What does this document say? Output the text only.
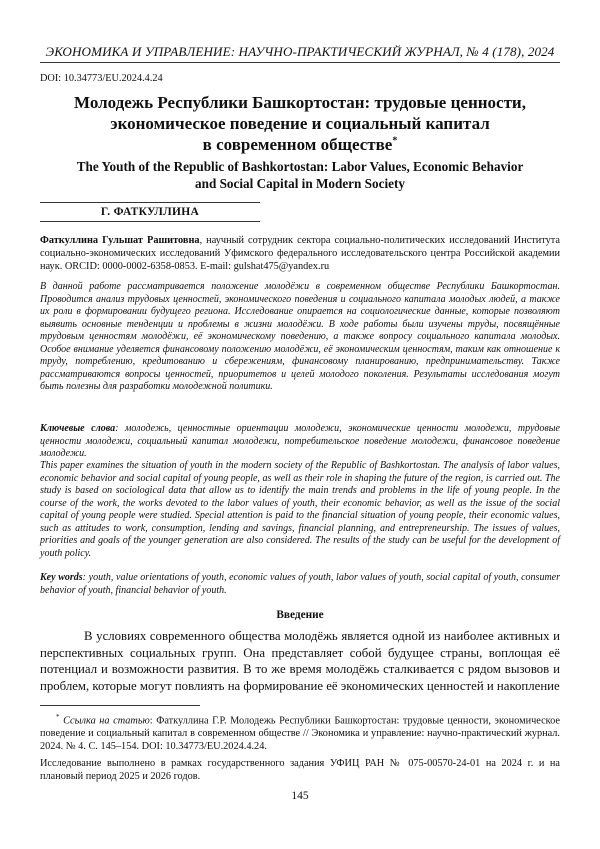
ЭКОНОМИКА И УПРАВЛЕНИЕ: НАУЧНО-ПРАКТИЧЕСКИЙ ЖУРНАЛ, № 4 (178), 2024
DOI: 10.34773/EU.2024.4.24
Молодежь Республики Башкортостан: трудовые ценности,
экономическое поведение и социальный капитал
в современном обществе*
The Youth of the Republic of Bashkortostan: Labor Values, Economic Behavior
and Social Capital in Modern Society
Г. ФАТКУЛЛИНА
Фаткуллина Гульшат Рашитовна, научный сотрудник сектора социально-политических исследований Института социально-экономических исследований Уфимского федерального исследовательского центра Российской академии наук. ORCID: 0000-0002-6358-0853. E-mail: gulshat475@yandex.ru
В данной работе рассматривается положение молодёжи в современном обществе Республики Башкортостан. Проводится анализ трудовых ценностей, экономического поведения и социального капитала молодых людей, а также их роли в формировании будущего региона. Исследование опирается на социологические данные, которые позволяют выявить основные тенденции и проблемы в жизни молодёжи. В ходе работы были изучены труды, посвящённые трудовым ценностям молодёжи, её экономическому поведению, а также вопросу социального капитала молодых. Особое внимание уделяется финансовому положению молодёжи, её экономическим ценностям, таким как отношение к труду, потреблению, кредитованию и сбережениям, финансовому планированию, предпринимательству. Также рассматриваются вопросы ценностей, приоритетов и целей молодого поколения. Результаты исследования могут быть полезны для разработки молодежной политики.
Ключевые слова: молодежь, ценностные ориентации молодежи, экономические ценности молодежи, трудовые ценности молодежи, социальный капитал молодежи, потребительское поведение молодежи, финансовое поведение молодежи.
This paper examines the situation of youth in the modern society of the Republic of Bashkortostan. The analysis of labor values, economic behavior and social capital of young people, as well as their role in shaping the future of the region, is carried out. The study is based on sociological data that allow us to identify the main trends and problems in the life of young people. In the course of the work, the works devoted to the labor values of youth, their economic behavior, as well as the issue of the social capital of young people were studied. Special attention is paid to the financial situation of young people, their economic values, such as attitudes to work, consumption, lending and savings, financial planning, and entrepreneurship. The issues of values, priorities and goals of the younger generation are also considered. The results of the study can be useful for the development of youth policy.
Key words: youth, value orientations of youth, economic values of youth, labor values of youth, social capital of youth, consumer behavior of youth, financial behavior of youth.
Введение
В условиях современного общества молодёжь является одной из наиболее активных и перспективных социальных групп. Она представляет собой будущее страны, воплощая её потенциал и возможности развития. В то же время молодёжь сталкивается с рядом вызовов и проблем, которые могут повлиять на формирование её экономических ценностей и накопление
* Ссылка на статью: Фаткуллина Г.Р. Молодежь Республики Башкортостан: трудовые ценности, экономическое поведение и социальный капитал в современном обществе // Экономика и управление: научно-практический журнал. 2024. № 4. С. 145–154. DOI: 10.34773/EU.2024.4.24.
Исследование выполнено в рамках государственного задания УФИЦ РАН № 075-00570-24-01 на 2024 г. и на плановый период 2025 и 2026 годов.
145
